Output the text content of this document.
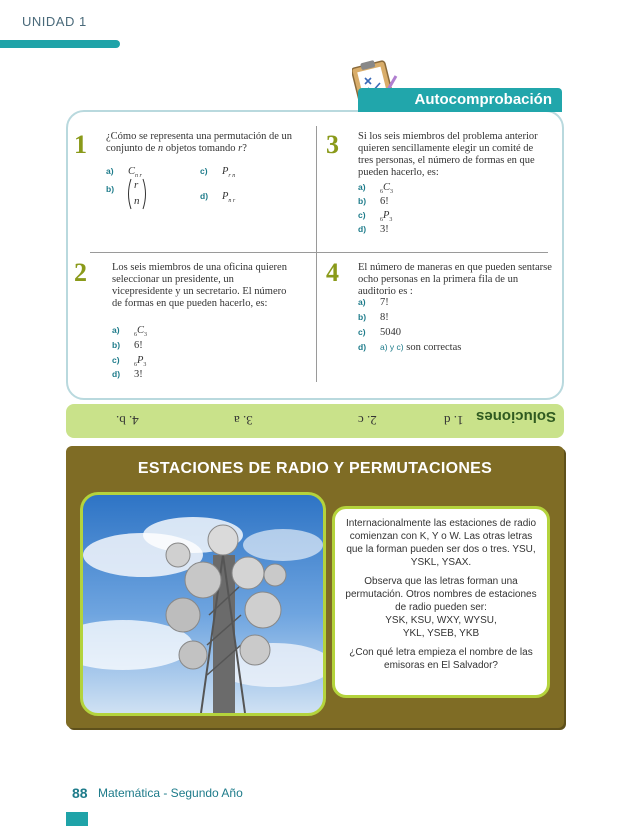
UNIDAD 1
Autocomprobación
1 ¿Cómo se representa una permutación de un conjunto de n objetos tomando r?
a) $C_{n r}$
b)	r
n
c) $P_{r n}$
d) $P_{n r}$
2 Los seis miembros de una oficina quieren seleccionar un presidente, un vicepresidente y un secretario. El número de formas en que pueden hacerlo, es:
$a)_6C_3$
b) 6!
$c)_6P_3$
d) 3!
3 Si los seis miembros del problema anterior quieren sencillamente elegir un comité de tres personas, el número de formas en que pueden hacerlo, es:
$a)_6C_3$
b) 6!
$c)_6P_3$
d) 3!
4 El número de maneras en que pueden sentarse ocho personas en la primera fila de un auditorio es :
a) 7!
b) 8!
c) 5040
d) a) y c) son correctas
Soluciones
1. d
2. c
3. a
4. b.
ESTACIONES DE RADIO Y PERMUTACIONES

Internacionalmente las estaciones de radio comienzan con K, Y o W. Las otras letras que la forman pueden ser dos o tres. YSU, YSKL, YSAX.

Observa que las letras forman una permutación. Otros nombres de estaciones de radio pueden ser:
YSK, KSU, WXY, WYSU,
YKL, YSEB, YKB

¿Con qué letra empieza el nombre de las emisoras en El Salvador?

88 Matemática - Segundo Año
